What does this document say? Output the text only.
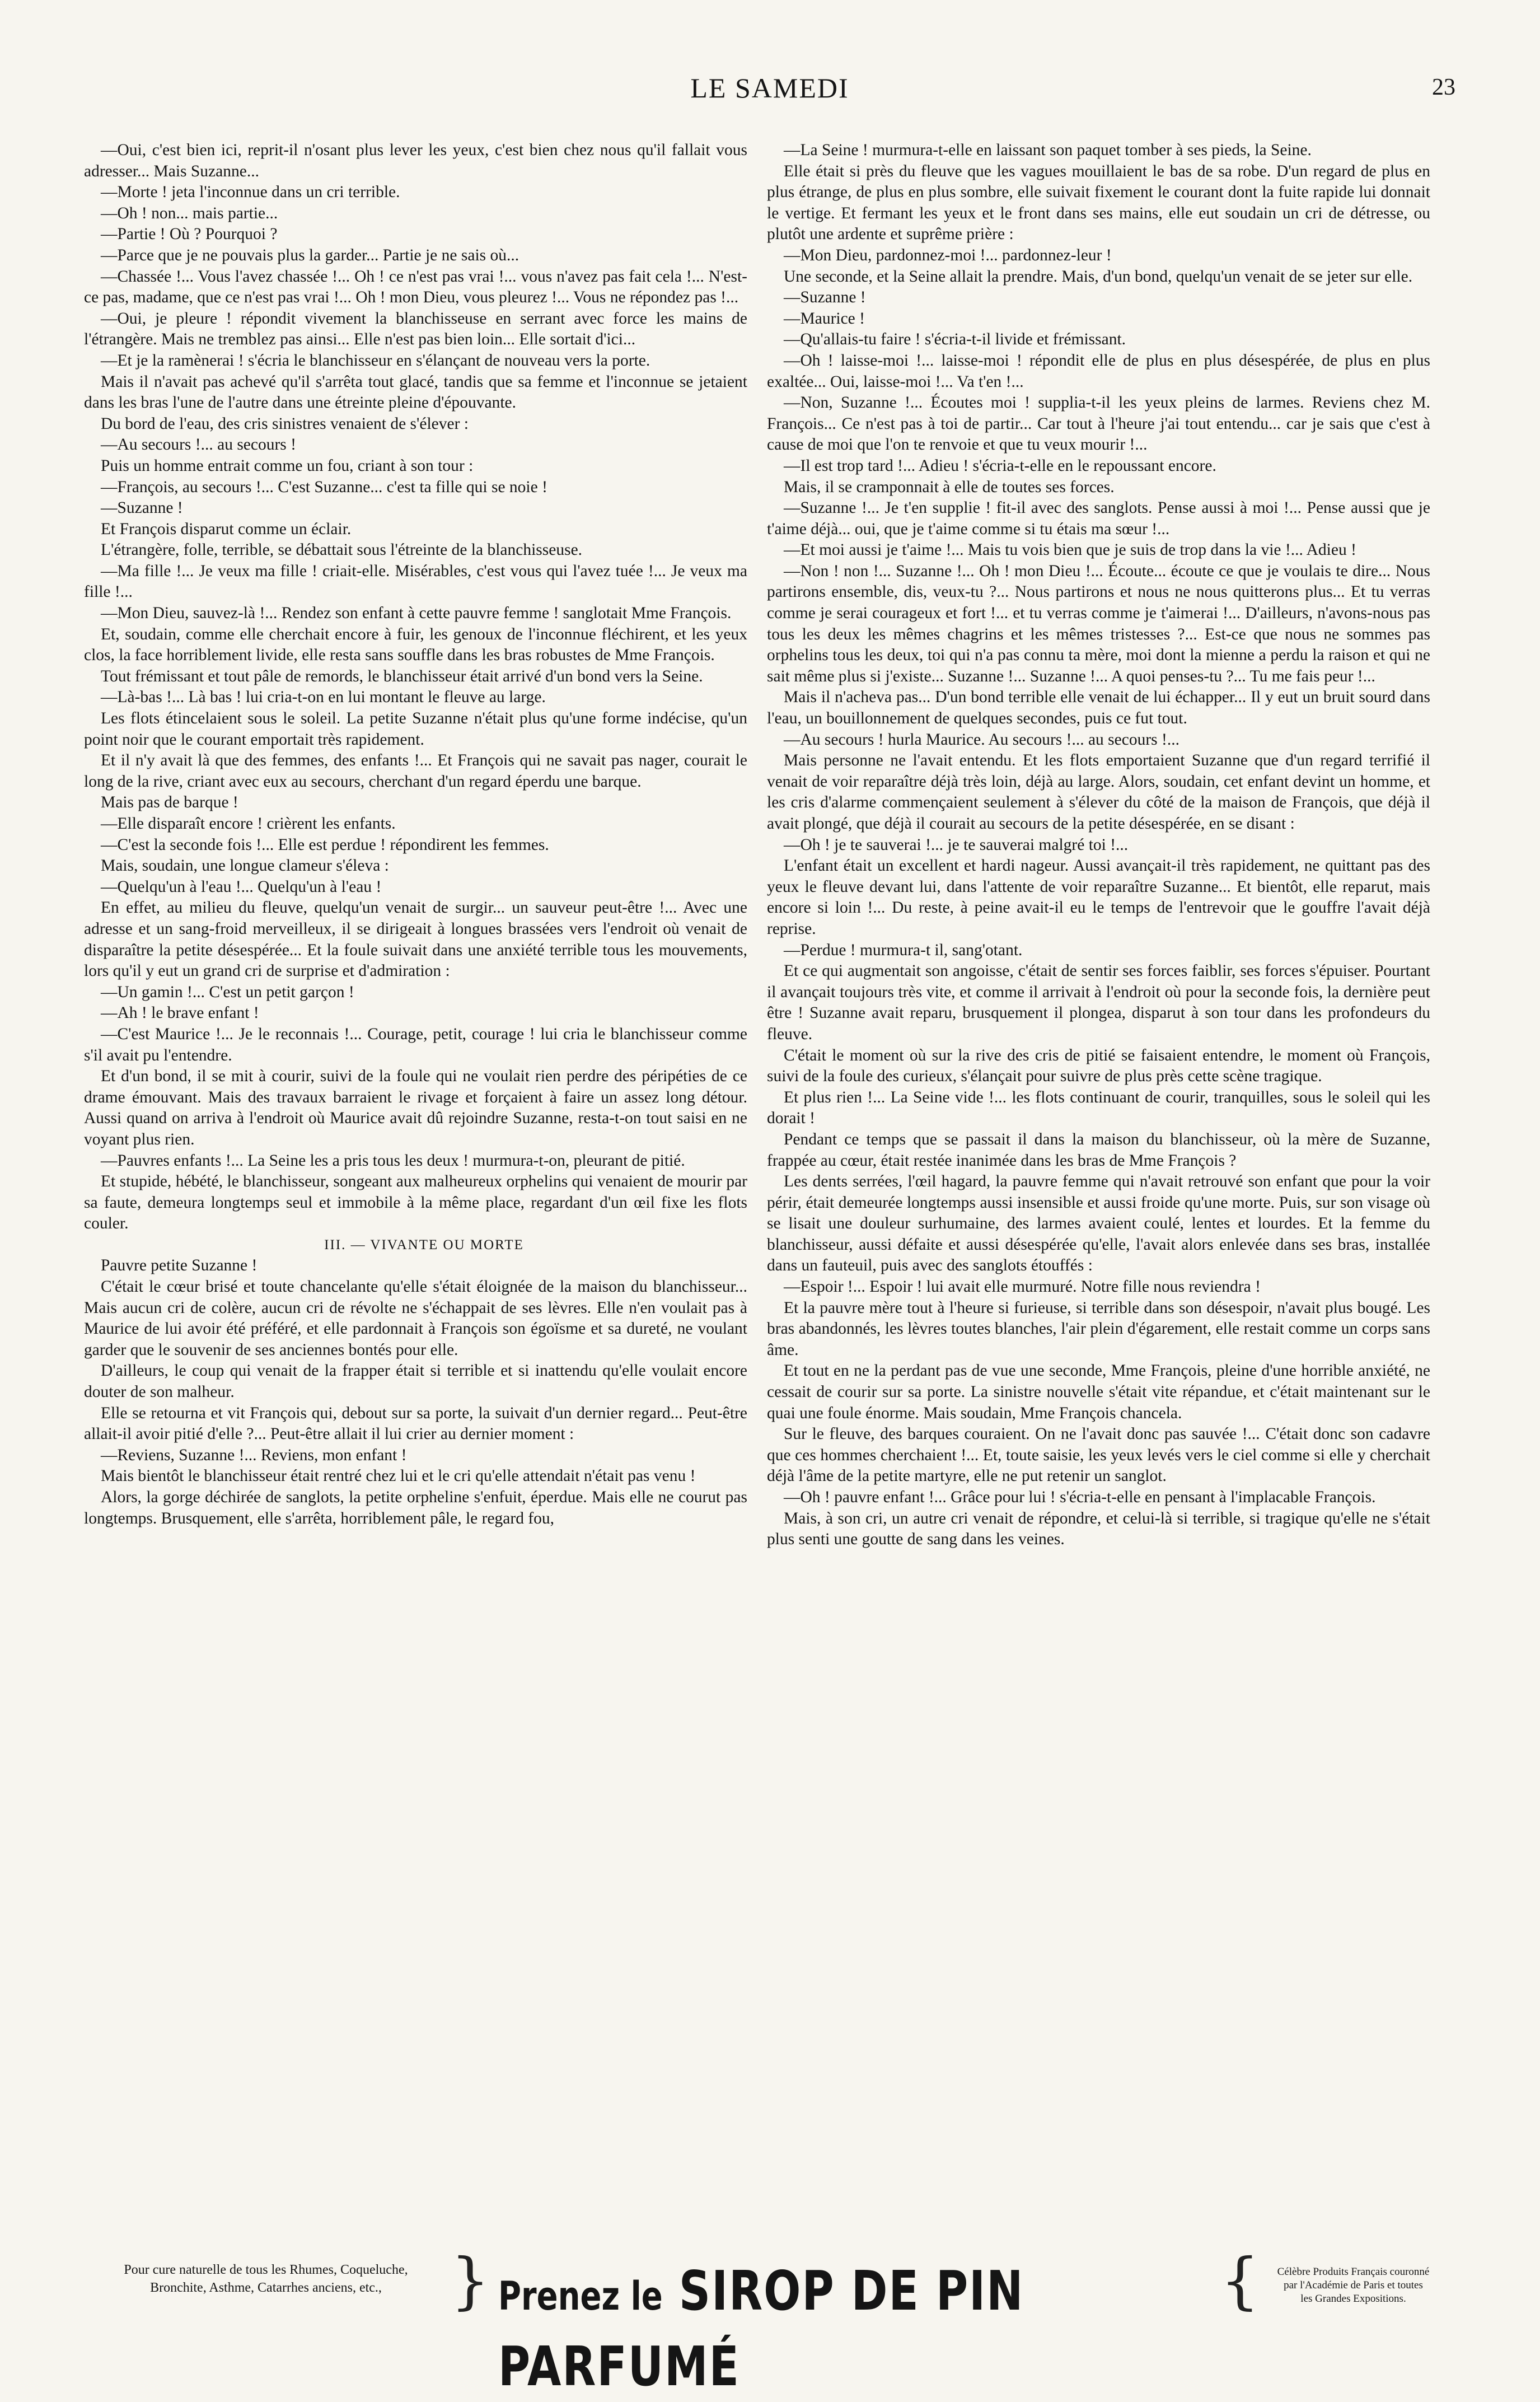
LE SAMEDI	23

—Oui, c'est bien ici, reprit-il n'osant plus lever les yeux, c'est bien chez nous qu'il fallait vous adresser... Mais Suzanne...

—Morte ! jeta l'inconnue dans un cri terrible.

—Oh ! non... mais partie...

—Partie ! Où ? Pourquoi ?

—Parce que je ne pouvais plus la garder... Partie je ne sais où...

—Chassée !... Vous l'avez chassée !... Oh ! ce n'est pas vrai !... vous n'avez pas fait cela !... N'est-ce pas, madame, que ce n'est pas vrai !... Oh ! mon Dieu, vous pleurez !... Vous ne répondez pas !...

—Oui, je pleure ! répondit vivement la blanchisseuse en serrant avec force les mains de l'étrangère. Mais ne tremblez pas ainsi... Elle n'est pas bien loin... Elle sortait d'ici...

—Et je la ramènerai ! s'écria le blanchisseur en s'élançant de nouveau vers la porte.

Mais il n'avait pas achevé qu'il s'arrêta tout glacé, tandis que sa femme et l'inconnue se jetaient dans les bras l'une de l'autre dans une étreinte pleine d'épouvante.

Du bord de l'eau, des cris sinistres venaient de s'élever :

—Au secours !... au secours !

Puis un homme entrait comme un fou, criant à son tour :

—François, au secours !... C'est Suzanne... c'est ta fille qui se noie !

—Suzanne !

Et François disparut comme un éclair.

L'étrangère, folle, terrible, se débattait sous l'étreinte de la blanchisseuse.

—Ma fille !... Je veux ma fille ! criait-elle. Misérables, c'est vous qui l'avez tuée !... Je veux ma fille !...

—Mon Dieu, sauvez-là !... Rendez son enfant à cette pauvre femme ! sanglotait Mme François.

Et, soudain, comme elle cherchait encore à fuir, les genoux de l'inconnue fléchirent, et les yeux clos, la face horriblement livide, elle resta sans souffle dans les bras robustes de Mme François.

Tout frémissant et tout pâle de remords, le blanchisseur était arrivé d'un bond vers la Seine.

—Là-bas !... Là bas ! lui cria-t-on en lui montant le fleuve au large.

Les flots étincelaient sous le soleil. La petite Suzanne n'était plus qu'une forme indécise, qu'un point noir que le courant emportait très rapidement.

Et il n'y avait là que des femmes, des enfants !... Et François qui ne savait pas nager, courait le long de la rive, criant avec eux au secours, cherchant d'un regard éperdu une barque.

Mais pas de barque !

—Elle disparaît encore ! crièrent les enfants.

—C'est la seconde fois !... Elle est perdue ! répondirent les femmes.

Mais, soudain, une longue clameur s'éleva :

—Quelqu'un à l'eau !... Quelqu'un à l'eau !

En effet, au milieu du fleuve, quelqu'un venait de surgir... un sauveur peut-être !... Avec une adresse et un sang-froid merveilleux, il se dirigeait à longues brassées vers l'endroit où venait de disparaître la petite désespérée... Et la foule suivait dans une anxiété terrible tous les mouvements, lors qu'il y eut un grand cri de surprise et d'admiration :

—Un gamin !... C'est un petit garçon !

—Ah ! le brave enfant !

—C'est Maurice !... Je le reconnais !... Courage, petit, courage ! lui cria le blanchisseur comme s'il avait pu l'entendre.

Et d'un bond, il se mit à courir, suivi de la foule qui ne voulait rien perdre des péripéties de ce drame émouvant. Mais des travaux barraient le rivage et forçaient à faire un assez long détour. Aussi quand on arriva à l'endroit où Maurice avait dû rejoindre Suzanne, resta-t-on tout saisi en ne voyant plus rien.

—Pauvres enfants !... La Seine les a pris tous les deux ! murmura-t-on, pleurant de pitié.

Et stupide, hébété, le blanchisseur, songeant aux malheureux orphelins qui venaient de mourir par sa faute, demeura longtemps seul et immobile à la même place, regardant d'un œil fixe les flots couler.

III. — VIVANTE OU MORTE

Pauvre petite Suzanne !

C'était le cœur brisé et toute chancelante qu'elle s'était éloignée de la maison du blanchisseur... Mais aucun cri de colère, aucun cri de révolte ne s'échappait de ses lèvres. Elle n'en voulait pas à Maurice de lui avoir été préféré, et elle pardonnait à François son égoïsme et sa dureté, ne voulant garder que le souvenir de ses anciennes bontés pour elle.

D'ailleurs, le coup qui venait de la frapper était si terrible et si inattendu qu'elle voulait encore douter de son malheur.

Elle se retourna et vit François qui, debout sur sa porte, la suivait d'un dernier regard... Peut-être allait-il avoir pitié d'elle ?... Peut-être allait il lui crier au dernier moment :

—Reviens, Suzanne !... Reviens, mon enfant !

Mais bientôt le blanchisseur était rentré chez lui et le cri qu'elle attendait n'était pas venu !

Alors, la gorge déchirée de sanglots, la petite orpheline s'enfuit, éperdue. Mais elle ne courut pas longtemps. Brusquement, elle s'arrêta, horriblement pâle, le regard fou,

—La Seine ! murmura-t-elle en laissant son paquet tomber à ses pieds, la Seine.

Elle était si près du fleuve que les vagues mouillaient le bas de sa robe. D'un regard de plus en plus étrange, de plus en plus sombre, elle suivait fixement le courant dont la fuite rapide lui donnait le vertige. Et fermant les yeux et le front dans ses mains, elle eut soudain un cri de détresse, ou plutôt une ardente et suprême prière :

—Mon Dieu, pardonnez-moi !... pardonnez-leur !

Une seconde, et la Seine allait la prendre. Mais, d'un bond, quelqu'un venait de se jeter sur elle.

—Suzanne !

—Maurice !

—Qu'allais-tu faire ! s'écria-t-il livide et frémissant.

—Oh ! laisse-moi !... laisse-moi ! répondit elle de plus en plus désespérée, de plus en plus exaltée... Oui, laisse-moi !... Va t'en !...

—Non, Suzanne !... Écoutes moi ! supplia-t-il les yeux pleins de larmes. Reviens chez M. François... Ce n'est pas à toi de partir... Car tout à l'heure j'ai tout entendu... car je sais que c'est à cause de moi que l'on te renvoie et que tu veux mourir !...

—Il est trop tard !... Adieu ! s'écria-t-elle en le repoussant encore.

Mais, il se cramponnait à elle de toutes ses forces.

—Suzanne !... Je t'en supplie ! fit-il avec des sanglots. Pense aussi à moi !... Pense aussi que je t'aime déjà... oui, que je t'aime comme si tu étais ma sœur !...

—Et moi aussi je t'aime !... Mais tu vois bien que je suis de trop dans la vie !... Adieu !

—Non ! non !... Suzanne !... Oh ! mon Dieu !... Écoute... écoute ce que je voulais te dire... Nous partirons ensemble, dis, veux-tu ?... Nous partirons et nous ne nous quitterons plus... Et tu verras comme je serai courageux et fort !... et tu verras comme je t'aimerai !... D'ailleurs, n'avons-nous pas tous les deux les mêmes chagrins et les mêmes tristesses ?... Est-ce que nous ne sommes pas orphelins tous les deux, toi qui n'a pas connu ta mère, moi dont la mienne a perdu la raison et qui ne sait même plus si j'existe... Suzanne !... Suzanne !... A quoi penses-tu ?... Tu me fais peur !...

Mais il n'acheva pas... D'un bond terrible elle venait de lui échapper... Il y eut un bruit sourd dans l'eau, un bouillonnement de quelques secondes, puis ce fut tout.

—Au secours ! hurla Maurice. Au secours !... au secours !...

Mais personne ne l'avait entendu. Et les flots emportaient Suzanne que d'un regard terrifié il venait de voir reparaître déjà très loin, déjà au large. Alors, soudain, cet enfant devint un homme, et les cris d'alarme commençaient seulement à s'élever du côté de la maison de François, que déjà il avait plongé, que déjà il courait au secours de la petite désespérée, en se disant :

—Oh ! je te sauverai !... je te sauverai malgré toi !...

L'enfant était un excellent et hardi nageur. Aussi avançait-il très rapidement, ne quittant pas des yeux le fleuve devant lui, dans l'attente de voir reparaître Suzanne... Et bientôt, elle reparut, mais encore si loin !... Du reste, à peine avait-il eu le temps de l'entrevoir que le gouffre l'avait déjà reprise.

—Perdue ! murmura-t il, sang'otant.

Et ce qui augmentait son angoisse, c'était de sentir ses forces faiblir, ses forces s'épuiser. Pourtant il avançait toujours très vite, et comme il arrivait à l'endroit où pour la seconde fois, la dernière peut être ! Suzanne avait reparu, brusquement il plongea, disparut à son tour dans les profondeurs du fleuve.

C'était le moment où sur la rive des cris de pitié se faisaient entendre, le moment où François, suivi de la foule des curieux, s'élançait pour suivre de plus près cette scène tragique.

Et plus rien !... La Seine vide !... les flots continuant de courir, tranquilles, sous le soleil qui les dorait !

Pendant ce temps que se passait il dans la maison du blanchisseur, où la mère de Suzanne, frappée au cœur, était restée inanimée dans les bras de Mme François ?

Les dents serrées, l'œil hagard, la pauvre femme qui n'avait retrouvé son enfant que pour la voir périr, était demeurée longtemps aussi insensible et aussi froide qu'une morte. Puis, sur son visage où se lisait une douleur surhumaine, des larmes avaient coulé, lentes et lourdes. Et la femme du blanchisseur, aussi défaite et aussi désespérée qu'elle, l'avait alors enlevée dans ses bras, installée dans un fauteuil, puis avec des sanglots étouffés :

—Espoir !... Espoir ! lui avait elle murmuré. Notre fille nous reviendra !

Et la pauvre mère tout à l'heure si furieuse, si terrible dans son désespoir, n'avait plus bougé. Les bras abandonnés, les lèvres toutes blanches, l'air plein d'égarement, elle restait comme un corps sans âme.

Et tout en ne la perdant pas de vue une seconde, Mme François, pleine d'une horrible anxiété, ne cessait de courir sur sa porte. La sinistre nouvelle s'était vite répandue, et c'était maintenant sur le quai une foule énorme. Mais soudain, Mme François chancela.

Sur le fleuve, des barques couraient. On ne l'avait donc pas sauvée !... C'était donc son cadavre que ces hommes cherchaient !... Et, toute saisie, les yeux levés vers le ciel comme si elle y cherchait déjà l'âme de la petite martyre, elle ne put retenir un sanglot.

—Oh ! pauvre enfant !... Grâce pour lui ! s'écria-t-elle en pensant à l'implacable François.

Mais, à son cri, un autre cri venait de répondre, et celui-là si terrible, si tragique qu'elle ne s'était plus senti une goutte de sang dans les veines.

Pour cure naturelle de tous les Rhumes, Coqueluche,
Bronchite, Asthme, Catarrhes anciens, etc.,	} Prenez le SIROP DE PIN PARFUMÉ
{	Célèbre Produits Français couronné
par l'Académie de Paris et toutes
les Grandes Expositions.
